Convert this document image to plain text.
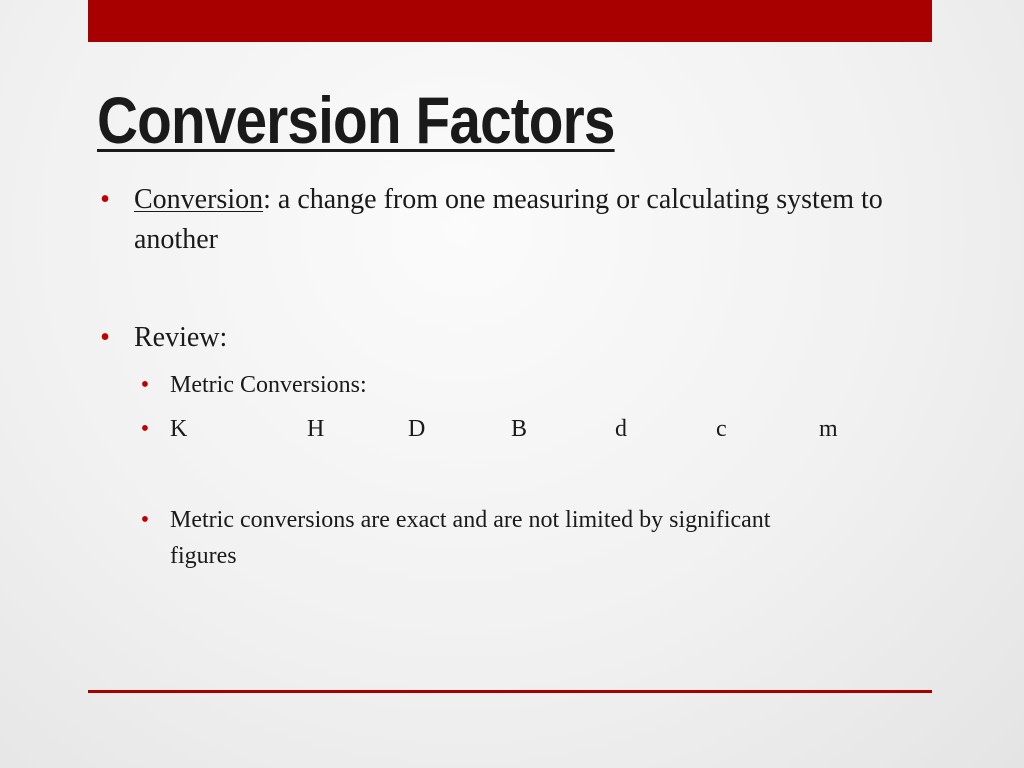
Conversion Factors
• Conversion: a change from one measuring or calculating system to another
• Review:
• Metric Conversions:
• K	H	D	B	d	c	m
• Metric conversions are exact and are not limited by significant figures
